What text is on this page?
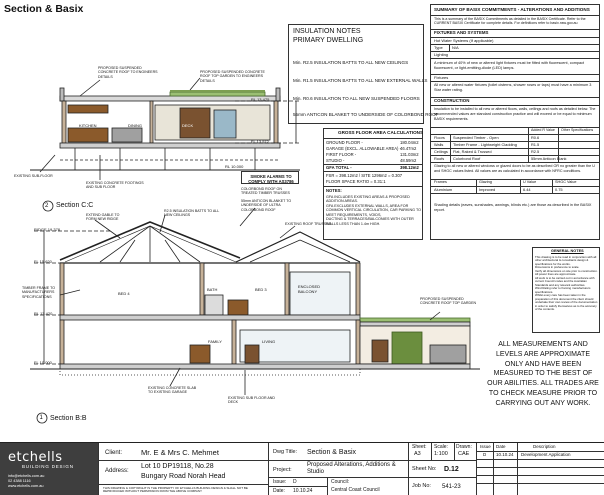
Section & Basix
INSULATION NOTES
PRIMARY DWELLING
Min. R2.5 INSULATION BATTS TO ALL NEW CEILINGS
Min. R1.5 INSULATION BATTS TO ALL NEW EXTERNAL WALLS
Min. R0.6 INSULATION TO ALL NEW SUSPENDED FLOORS
55mm ANTICON BLANKET TO UNDERSIDE OF COLORBOND ROOF
GROSS FLOOR AREA CALCULATIONS
GROUND FLOOR -	180.04m2
GARAGE (EXCL. ALLOWABLE AREA) -
46.47m2
FIRST FLOOR -	131.03m2
STUDIO -	48.59m2
GFA TOTAL -	398.12m2
FSR = 398.12m2 / SITE 1296m2 = 0.307
FLOOR SPACE RATIO = 0.31:1
NOTES:
GFA INCLUDES EXISTING AREAS & PROPOSED ADDITION AREAS.
GFA EXCLUDES EXTERNAL WALLS, AREA FOR COMMON VERTICAL CIRCULATION, CAR PARKING TO MEET REQUIREMENTS, VOIDS,
DUCTING & TERRACES/BALCONIES WITH OUTER WALLS LESS THAN 1.4m HIGH.
SMOKE ALARMS TO COMPLY WITH AS3786
SUMMARY OF BASIX COMMITMENTS - ALTERATIONS AND ADDITIONS
This is a summary of the BASIX Commitments as detailed in the BASIX Certificate. Refer to the CURRENT BASIX Certificate for complete details. For definitions refer to basix.nsw.gov.au
FIXTURES AND SYSTEMS
Hot Water Systems (If applicable)
Type N/A
Lighting
A minimum of 40% of new or altered light fixtures must be fitted with fluorescent, compact fluorescent, or light-emitting-diode (LED) lamps.
Fixtures
All new or altered water fixtures (toilet cisterns, shower roses or taps) must have a minimum 3 Star water rating.
CONSTRUCTION
Insulation to be installed to all new or altered floors, walls, ceilings and roofs as detailed below. The recommended values are standard construction practice and will exceed or be equal to minimum BASIX requirements.
Added R Value Other Specifications
Floors Suspended Timber - Open	R0.6
Walls Timber Frame - Lightweight Cladding	R1.5
Ceilings Flat, Raked & Trussed	R2.5
Roofs Colorbond Roof	55mm Anticon Blank
Glazing to all new or altered windows or glazed doors to be as described OR no greater than the U and SHGC values listed. All values are as calculated in accordance with NFRC conditions.
Frames	Glazing	U Value	SHGC Value
Aluminium	Improved	6.44	0.75
Shading details (eaves, sunshades, awnings, blinds etc.) are those as described in the BASIX report.
GENERAL NOTES
This drawing is to be read in conjunction with all other architectural & consultants design & specifications for the works.
Dimensions in preference to scale.
Verify all dimensions on site prior to construction.
All power lines are approximate.
All work is to be carried out in accordance with current Council codes and the Australian Standards and any relevant authorities.
Wind Rating refer to framing manufacturers specifications.
Whilst every care has been taken in the preparation of this document the client should undertake their own review of the documentation in order to satisfy themselves as to the accuracy of the contents.
ALL MEASUREMENTS AND LEVELS ARE APPROXIMATE ONLY AND HAVE BEEN MEASURED TO THE BEST OF OUR ABILITIES. ALL TRADES ARE TO CHECK MEASURE PRIOR TO CARRYING OUT ANY WORK.
2 Section C:C
1 Section B:B
RL 13.475
FL 13.572
RIDGE 19.378
FL 15.620
RL 13.420
FL 10.000
RL 10.000
KITCHEN	DINING	DECK
BED 4
BATH	BED 3
ENCLOSED BALCONY
FAMILY	LIVING
PROPOSED SUSPENDED CONCRETE ROOF TO ENGINEERS DETAILS
PROPOSED SUSPENDED CONCRETE ROOF TOP GARDEN TO ENGINEERS DETAILS
EXISTING SUB-FLOOR
EXISTING CONCRETE FOOTINGS AND SUB FLOOR
EXTEND GABLE TO FORM NEW RIDGE
R2.5 INSULATION BATTS TO ALL NEW CEILINGS
COLORBOND ROOF ON TREATED TIMBER TRUSSES
55mm ANTICON BLANKET TO UNDERSIDE OF ULTRA COLORBOND ROOF
EXISTING ROOF TRUSSES
TIMBER FRAME TO MANUFACTURERS SPECIFICATIONS
PROPOSED SUSPENDED CONCRETE ROOF TOP GARDEN
EXISTING CONCRETE SLAB TO EXISTING GARAGE
EXISTING SUB FLOOR AND DECK
etchells
BUILDING DESIGN
info@etchells.com.au
02 4388 1116
www.etchells.com.au
Client:	Mr. E & Mrs C. Mehmet
Address:
Lot 10 DP19118, No.28
Bungary Road Norah Head
THIS DRAWING & COPYRIGHT IS THE PROPERTY OF ETCHELLS BUILDING DESIGN & SHALL NOT BE REPRODUCED WITHOUT PERMISSION FROM THE ABOVE COMPANY
Dwg Title: Section & Basix
Project:
Proposed Alterations, Additions & Studio
Issue: D	Council:
Date: 10.10.24	Central Coast Council
Sheet:
A3
Scale:
1:100
Drawn:
CAE
Sheet No: D.12
Job No: 541-23
Issue Date	Description
D 10.10.24 Development Application
